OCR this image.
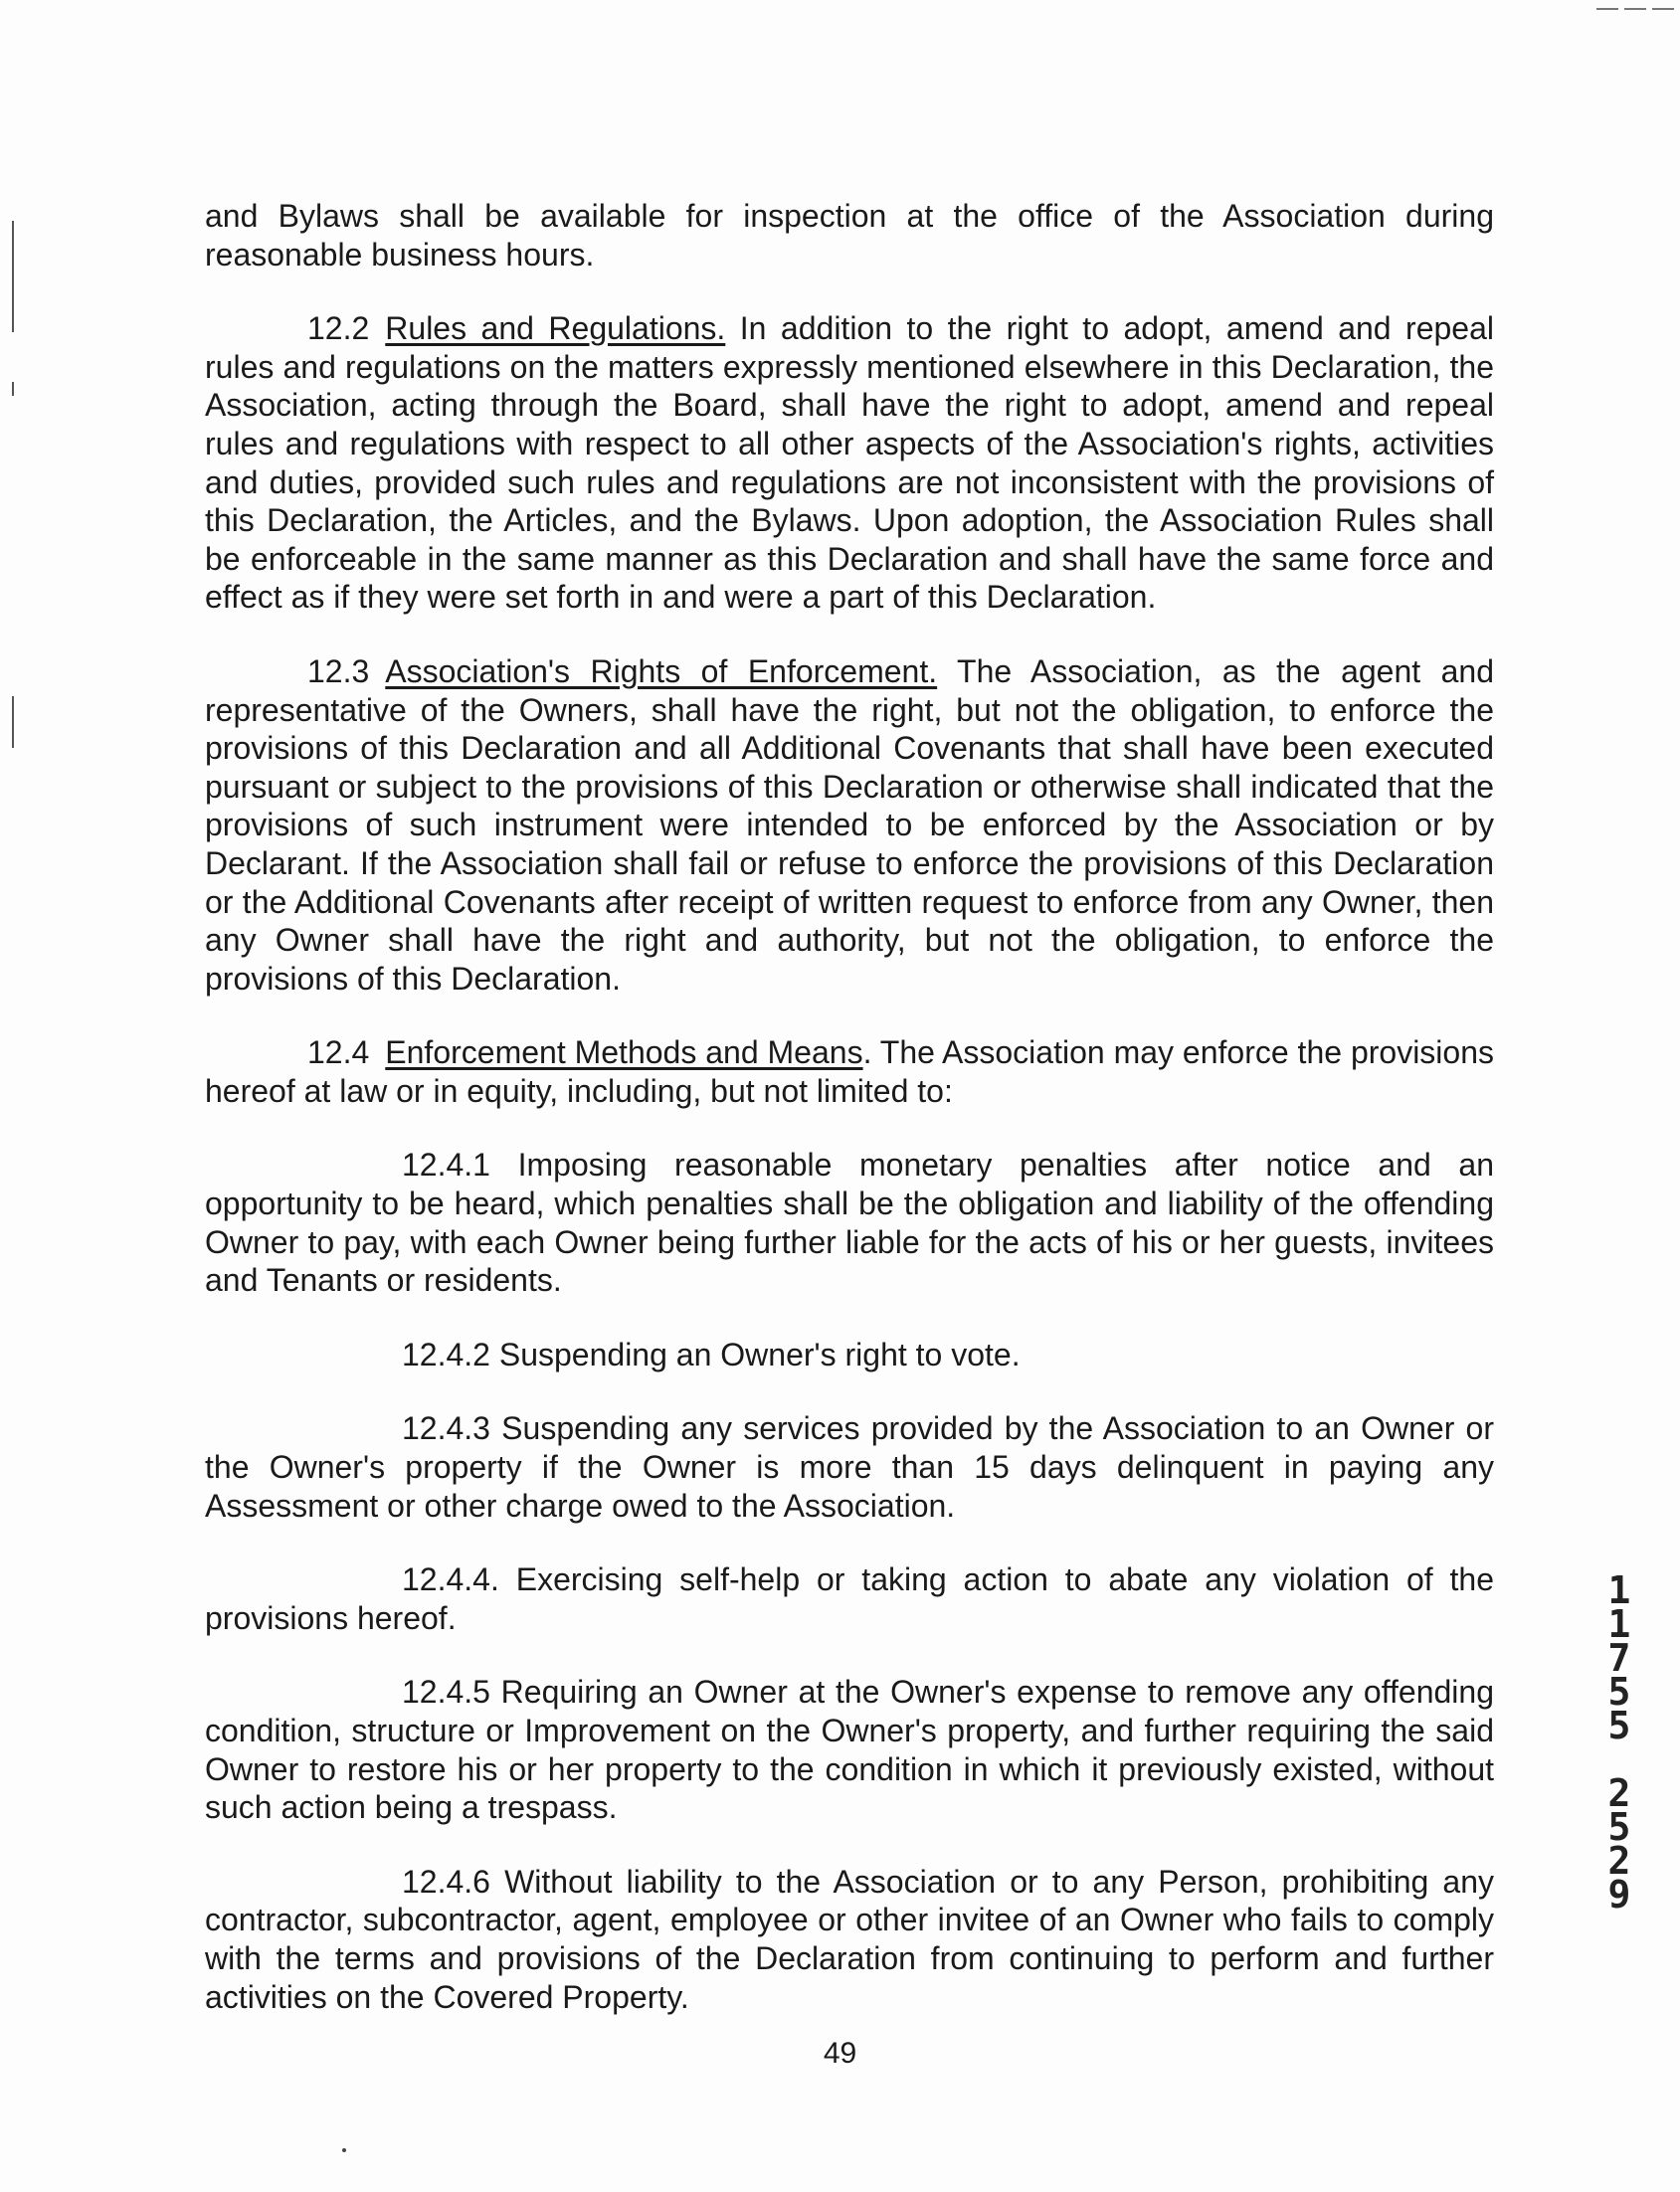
and Bylaws shall be available for inspection at the office of the Association during reasonable business hours.

12.2 Rules and Regulations. In addition to the right to adopt, amend and repeal rules and regulations on the matters expressly mentioned elsewhere in this Declaration, the Association, acting through the Board, shall have the right to adopt, amend and repeal rules and regulations with respect to all other aspects of the Association's rights, activities and duties, provided such rules and regulations are not inconsistent with the provisions of this Declaration, the Articles, and the Bylaws. Upon adoption, the Association Rules shall be enforceable in the same manner as this Declaration and shall have the same force and effect as if they were set forth in and were a part of this Declaration.

12.3 Association's Rights of Enforcement. The Association, as the agent and representative of the Owners, shall have the right, but not the obligation, to enforce the provisions of this Declaration and all Additional Covenants that shall have been executed pursuant or subject to the provisions of this Declaration or otherwise shall indicated that the provisions of such instrument were intended to be enforced by the Association or by Declarant. If the Association shall fail or refuse to enforce the provisions of this Declaration or the Additional Covenants after receipt of written request to enforce from any Owner, then any Owner shall have the right and authority, but not the obligation, to enforce the provisions of this Declaration.

12.4 Enforcement Methods and Means. The Association may enforce the provisions hereof at law or in equity, including, but not limited to:

12.4.1 Imposing reasonable monetary penalties after notice and an opportunity to be heard, which penalties shall be the obligation and liability of the offending Owner to pay, with each Owner being further liable for the acts of his or her guests, invitees and Tenants or residents.

12.4.2 Suspending an Owner's right to vote.

12.4.3 Suspending any services provided by the Association to an Owner or the Owner's property if the Owner is more than 15 days delinquent in paying any Assessment or other charge owed to the Association.

12.4.4. Exercising self-help or taking action to abate any violation of the provisions hereof.

12.4.5 Requiring an Owner at the Owner's expense to remove any offending condition, structure or Improvement on the Owner's property, and further requiring the said Owner to restore his or her property to the condition in which it previously existed, without such action being a trespass.

12.4.6 Without liability to the Association or to any Person, prohibiting any contractor, subcontractor, agent, employee or other invitee of an Owner who fails to comply with the terms and provisions of the Declaration from continuing to perform and further activities on the Covered Property.

49
1
1
7
5
5
2
5
2
9
